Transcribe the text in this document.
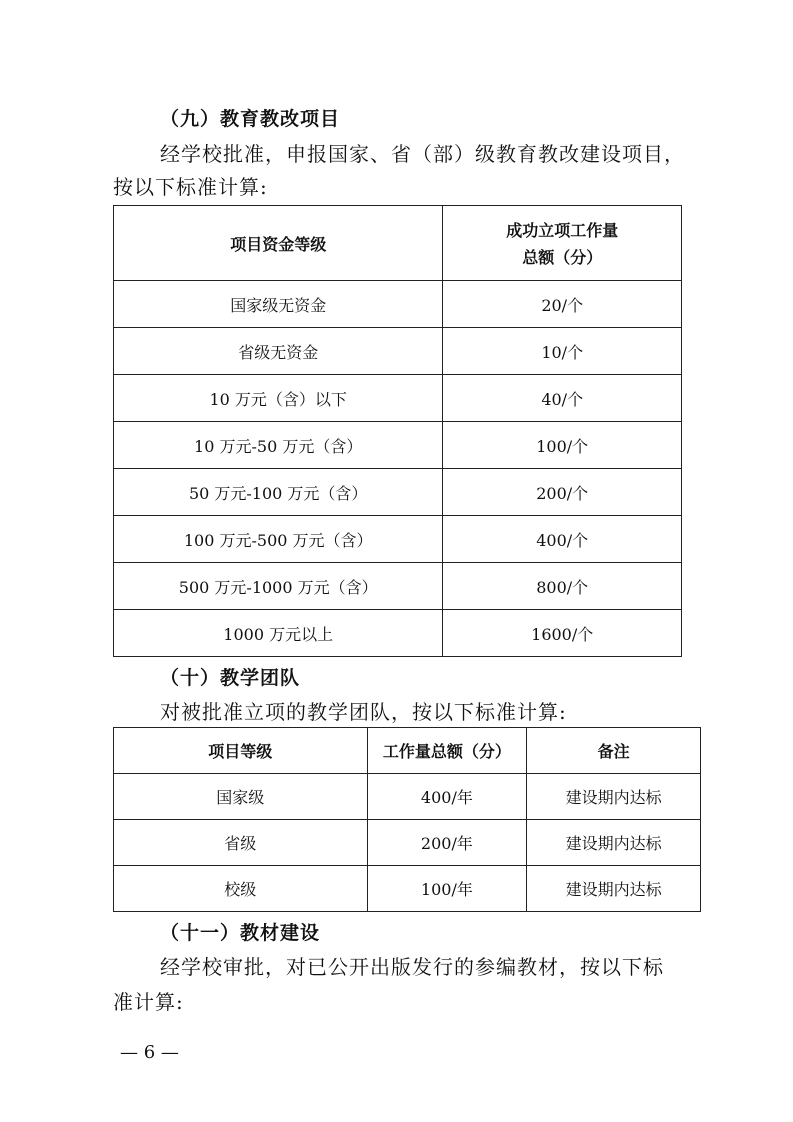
（九）教育教改项目
经学校批准，申报国家、省（部）级教育教改建设项目，
按以下标准计算:
项目资金等级	成功立项工作量
总额（分）

国家级无资金	20/个
省级无资金	10/个
10 万元（含）以下	40/个
10 万元-50 万元（含）	100/个
50 万元-100 万元（含）	200/个
100 万元-500 万元（含）	400/个
500 万元-1000 万元（含）	800/个
1000 万元以上	1600/个
（十）教学团队
对被批准立项的教学团队，按以下标准计算:
项目等级	工作量总额（分）	备注
国家级	400/年	建设期内达标
省级	200/年	建设期内达标
校级	100/年	建设期内达标
（十一）教材建设
经学校审批，对已公开出版发行的参编教材，按以下标
准计算:
— 6 —
